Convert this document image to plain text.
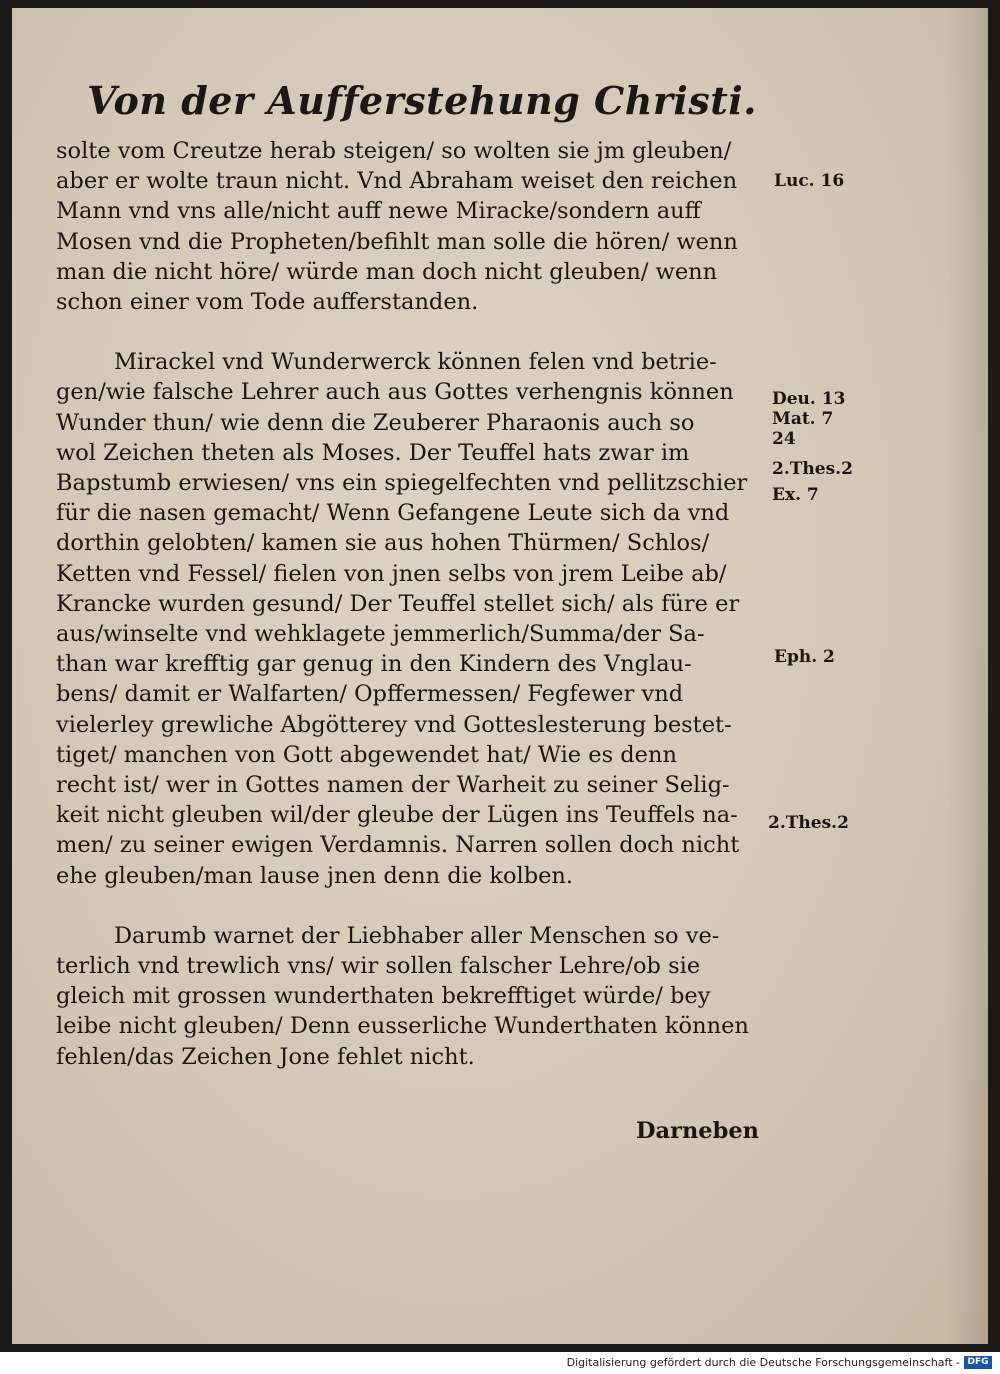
Von der Aufferstehung Christi.

solte vom Creutze herab steigen/ so wolten sie jm gleuben/
aber er wolte traun nicht. Vnd Abraham weiset den reichen
Mann vnd vns alle/nicht auff newe Miracke/sondern auff
Mosen vnd die Propheten/befihlt man solle die hören/ wenn
man die nicht höre/ würde man doch nicht gleuben/ wenn
schon einer vom Tode aufferstanden.

Mirackel vnd Wunderwerck können felen vnd betrie-
gen/wie falsche Lehrer auch aus Gottes verhengnis können
Wunder thun/ wie denn die Zeuberer Pharaonis auch so
wol Zeichen theten als Moses. Der Teuffel hats zwar im
Bapstumb erwiesen/ vns ein spiegelfechten vnd pellitzschier
für die nasen gemacht/ Wenn Gefangene Leute sich da vnd
dorthin gelobten/ kamen sie aus hohen Thürmen/ Schlos/
Ketten vnd Fessel/ fielen von jnen selbs von jrem Leibe ab/
Krancke wurden gesund/ Der Teuffel stellet sich/ als füre er
aus/winselte vnd wehklagete jemmerlich/Summa/der Sa-
than war krefftig gar genug in den Kindern des Vnglau-
bens/ damit er Walfarten/ Opffermessen/ Fegfewer vnd
vielerley grewliche Abgötterey vnd Gotteslesterung bestet-
tiget/ manchen von Gott abgewendet hat/ Wie es denn
recht ist/ wer in Gottes namen der Warheit zu seiner Selig-
keit nicht gleuben wil/der gleube der Lügen ins Teuffels na-
men/ zu seiner ewigen Verdamnis. Narren sollen doch nicht
ehe gleuben/man lause jnen denn die kolben.

Darumb warnet der Liebhaber aller Menschen so ve-
terlich vnd trewlich vns/ wir sollen falscher Lehre/ob sie
gleich mit grossen wunderthaten bekrefftiget würde/ bey
leibe nicht gleuben/ Denn eusserliche Wunderthaten können
fehlen/das Zeichen Jone fehlet nicht.

Luc. 16
Deu. 13
Mat. 7
24
2.Thes.2
Ex. 7
Eph. 2
2.Thes.2
Darneben
Digitalisierung gefördert durch die Deutsche Forschungsgemeinschaft - DFG
